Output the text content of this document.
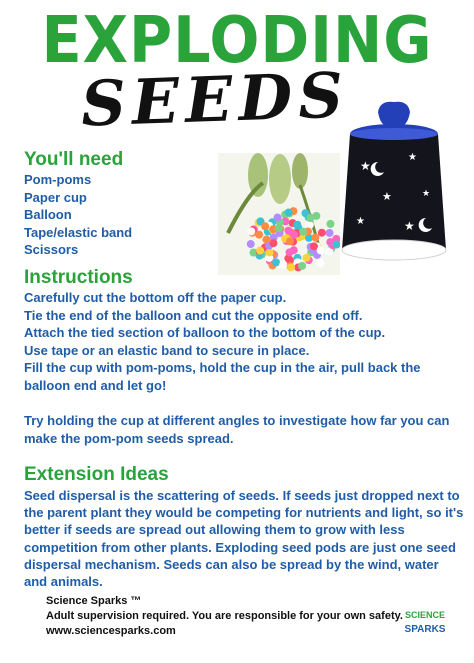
EXPLODING
SEEDS
★
★
★	★
★	★
You'll need
Pom-poms
Paper cup
Balloon
Tape/elastic band
Scissors
Instructions
Carefully cut the bottom off the paper cup.
Tie the end of the balloon and cut the opposite end off.
Attach the tied section of balloon to the bottom of the cup.
Use tape or an elastic band to secure in place.
Fill the cup with pom-poms, hold the cup in the air, pull back the balloon end and let go!
Try holding the cup at different angles to investigate how far you can make the pom-pom seeds spread.
Extension Ideas
Seed dispersal is the scattering of seeds. If seeds just dropped next to the parent plant they would be competing for nutrients and light, so it's better if seeds are spread out allowing them to grow with less competition from other plants. Exploding seed pods are just one seed dispersal mechanism. Seeds can also be spread by the wind, water and animals.
Science Sparks ™
Adult supervision required. You are responsible for your own safety.
www.sciencesparks.com
SCIENCE
SPARKS
